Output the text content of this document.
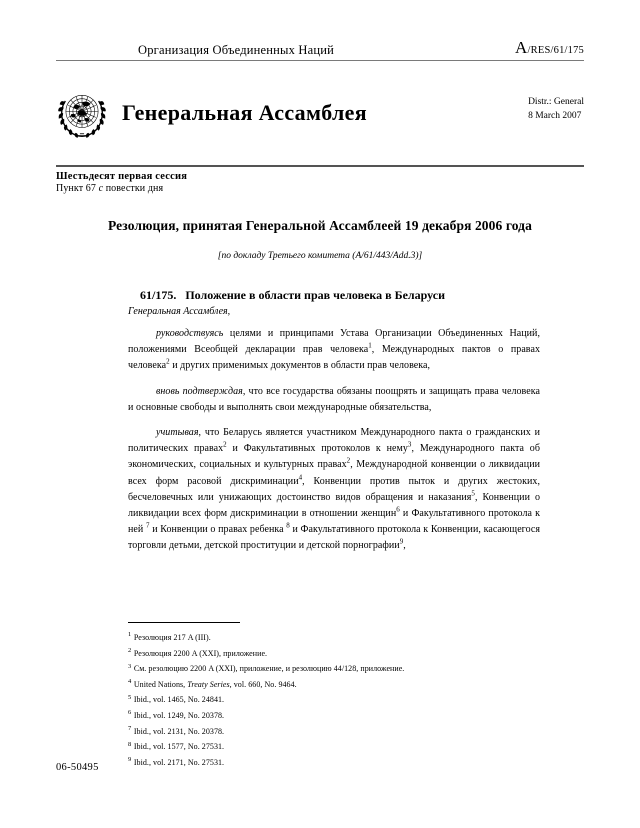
Организация Объединенных Наций	A/RES/61/175
Генеральная Ассамблея	Distr.: General
8 March 2007
Шестьдесят первая сессия
Пункт 67 с повестки дня
Резолюция, принятая Генеральной Ассамблеей 19 декабря 2006 года
[по докладу Третьего комитета (A/61/443/Add.3)]
61/175. Положение в области прав человека в Беларуси
Генеральная Ассамблея,

руководствуясь целями и принципами Устава Организации Объединенных Наций, положениями Всеобщей декларации прав человека$^1$, Международных пактов о правах человека$^2$ и других применимых документов в области прав человека,

вновь подтверждая, что все государства обязаны поощрять и защищать права человека и основные свободы и выполнять свои международные обязательства,

учитывая, что Беларусь является участником Международного пакта о гражданских и политических правах$^2$ и Факультативных протоколов к нему$^3$, Международного пакта об экономических, социальных и культурных правах$^2$, Международной конвенции о ликвидации всех форм расовой дискриминации$^4$, Конвенции против пыток и других жестоких, бесчеловечных или унижающих достоинство видов обращения и наказания$^5$, Конвенции о ликвидации всех форм дискриминации в отношении женщин$^6$ и Факультативного протокола к ней $^7$ и Конвенции о правах ребенка $^8$ и Факультативного протокола к Конвенции, касающегося торговли детьми, детской проституции и детской порнографии$^9$,

$^1$ Резолюция 217 A (III).
$^2$ Резолюция 2200 A (XXI), приложение.
$^3$ См. резолюцию 2200 A (XXI), приложение, и резолюцию 44/128, приложение.
$^4$ United Nations, Treaty Series, vol. 660, No. 9464.
$^5$ Ibid., vol. 1465, No. 24841.
$^6$ Ibid., vol. 1249, No. 20378.
$^7$ Ibid., vol. 2131, No. 20378.
$^8$ Ibid., vol. 1577, No. 27531.
$^9$ Ibid., vol. 2171, No. 27531.
06-50495
